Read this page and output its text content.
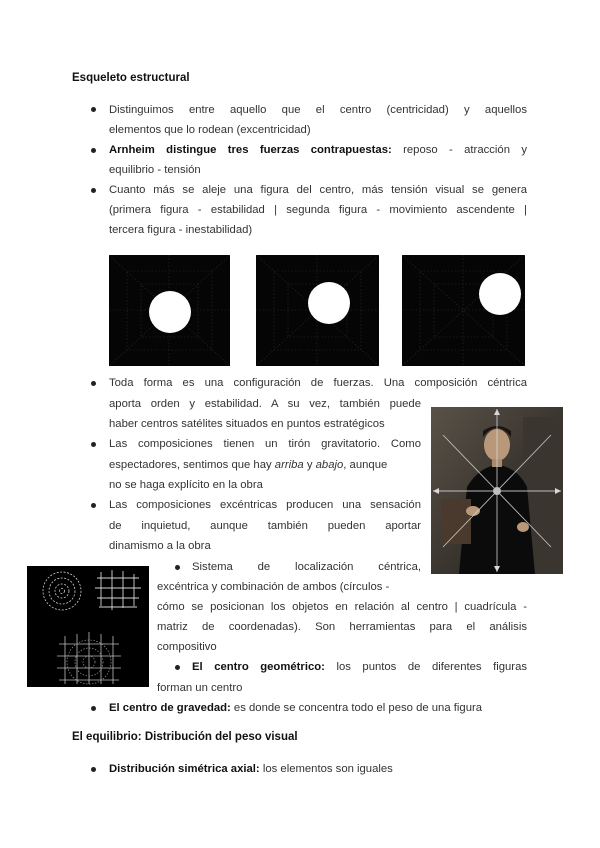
Esqueleto estructural
Distinguimos entre aquello que el centro (centricidad) y aquellos
elementos que lo rodean (excentricidad)
Arnheim distingue tres fuerzas contrapuestas: reposo - atracción y
equilibrio - tensión
Cuanto más se aleje una figura del centro, más tensión visual se genera
(primera figura - estabilidad | segunda figura - movimiento ascendente |
tercera figura - inestabilidad)
Toda forma es una configuración de fuerzas. Una composición céntrica
aporta orden y estabilidad. A su vez, también puede
haber centros satélites situados en puntos estratégicos
Las composiciones tienen un tirón gravitatorio. Como
espectadores, sentimos que hay arriba y abajo, aunque
no se haga explícito en la obra
Las composiciones excéntricas producen una sensación
de inquietud, aunque también pueden aportar
dinamismo a la obra
Sistema de localización céntrica,
excéntrica y combinación de ambos (círculos -
cómo se posicionan los objetos en relación al centro | cuadrícula -
matriz de coordenadas). Son herramientas para el análisis
compositivo
El centro geométrico: los puntos de diferentes figuras
forman un centro
El centro de gravedad: es donde se concentra todo el peso de una figura
El equilibrio: Distribución del peso visual
Distribución simétrica axial: los elementos son iguales
